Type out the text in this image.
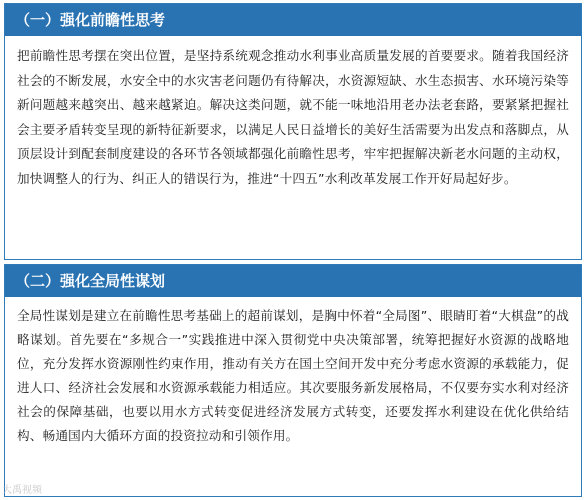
（一）强化前瞻性思考

把前瞻性思考摆在突出位置，是坚持系统观念推动水利事业高质量发展的首要要求。随着我国经济社会的不断发展，水安全中的水灾害老问题仍有待解决，水资源短缺、水生态损害、水环境污染等新问题越来越突出、越来越紧迫。解决这类问题，就不能一味地沿用老办法老套路，要紧紧把握社会主要矛盾转变呈现的新特征新要求，以满足人民日益增长的美好生活需要为出发点和落脚点，从顶层设计到配套制度建设的各环节各领域都强化前瞻性思考，牢牢把握解决新老水问题的主动权，加快调整人的行为、纠正人的错误行为，推进“十四五”水利改革发展工作开好局起好步。

（二）强化全局性谋划

全局性谋划是建立在前瞻性思考基础上的超前谋划，是胸中怀着“全局图”、眼睛盯着“大棋盘”的战略谋划。首先要在“多规合一”实践推进中深入贯彻党中央决策部署，统筹把握好水资源的战略地位，充分发挥水资源刚性约束作用，推动有关方在国土空间开发中充分考虑水资源的承载能力，促进人口、经济社会发展和水资源承载能力相适应。其次要服务新发展格局，不仅要夯实水利对经济社会的保障基础，也要以用水方式转变促进经济发展方式转变，还要发挥水利建设在优化供给结构、畅通国内大循环方面的投资拉动和引领作用。

大禹视频
